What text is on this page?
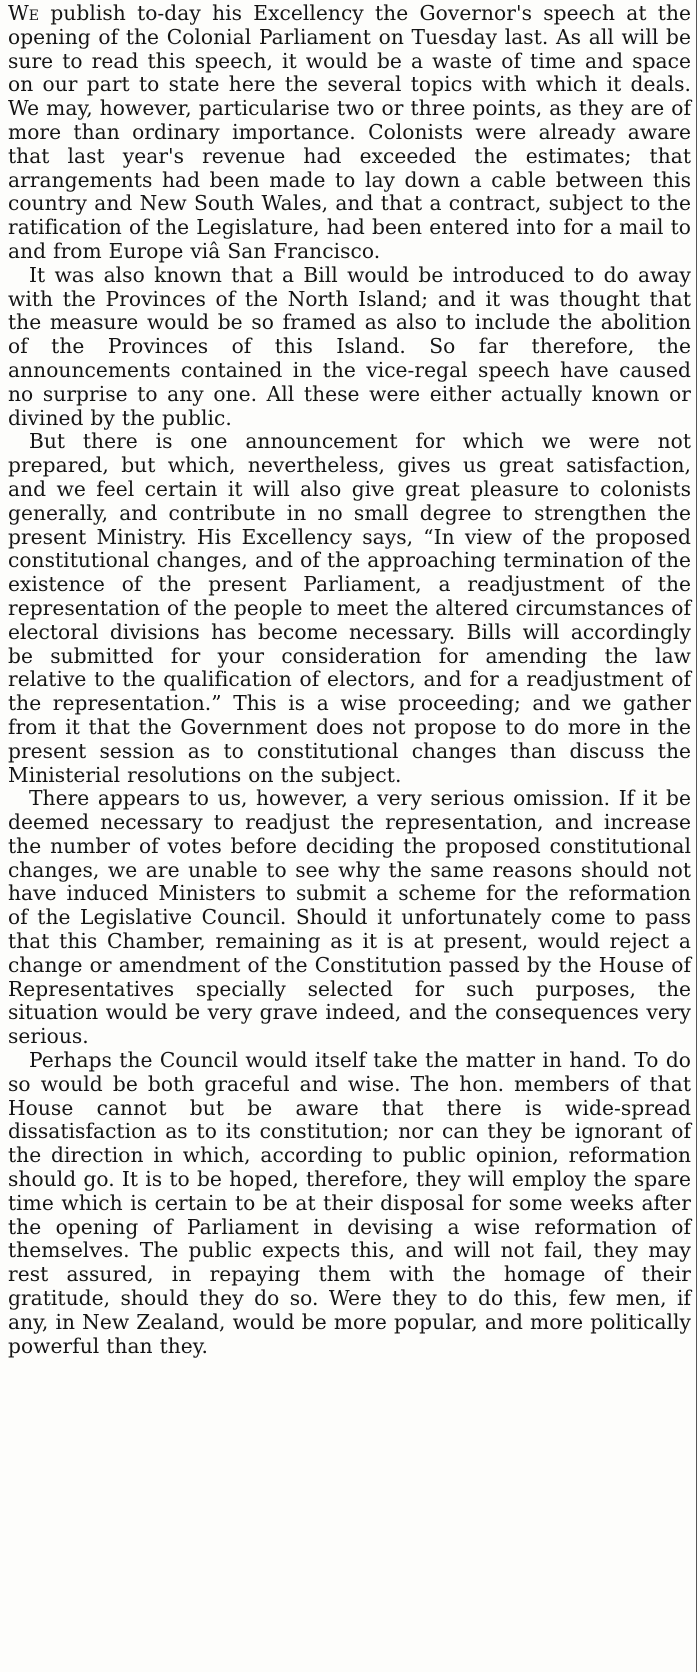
We publish to-day his Excellency the Governor's speech at the opening of the Colonial Parliament on Tuesday last. As all will be sure to read this speech, it would be a waste of time and space on our part to state here the several topics with which it deals. We may, however, particularise two or three points, as they are of more than ordinary importance. Colonists were already aware that last year's revenue had exceeded the estimates; that arrangements had been made to lay down a cable between this country and New South Wales, and that a contract, subject to the ratification of the Legislature, had been entered into for a mail to and from Europe viâ San Francisco.

It was also known that a Bill would be introduced to do away with the Provinces of the North Island; and it was thought that the measure would be so framed as also to include the abolition of the Provinces of this Island. So far therefore, the announcements contained in the vice-regal speech have caused no surprise to any one. All these were either actually known or divined by the public.

But there is one announcement for which we were not prepared, but which, nevertheless, gives us great satisfaction, and we feel certain it will also give great pleasure to colonists generally, and contribute in no small degree to strengthen the present Ministry. His Excellency says, “In view of the proposed constitutional changes, and of the approaching termination of the existence of the present Parliament, a readjustment of the representation of the people to meet the altered circumstances of electoral divisions has become necessary. Bills will accordingly be submitted for your consideration for amending the law relative to the qualification of electors, and for a readjustment of the representation.” This is a wise proceeding; and we gather from it that the Government does not propose to do more in the present session as to constitutional changes than discuss the Ministerial resolutions on the subject.

There appears to us, however, a very serious omission. If it be deemed necessary to readjust the representation, and increase the number of votes before deciding the proposed constitutional changes, we are unable to see why the same reasons should not have induced Ministers to submit a scheme for the reformation of the Legislative Council. Should it unfortunately come to pass that this Chamber, remaining as it is at present, would reject a change or amendment of the Constitution passed by the House of Representatives specially selected for such purposes, the situation would be very grave indeed, and the consequences very serious.

Perhaps the Council would itself take the matter in hand. To do so would be both graceful and wise. The hon. members of that House cannot but be aware that there is wide-spread dissatisfaction as to its constitution; nor can they be ignorant of the direction in which, according to public opinion, reformation should go. It is to be hoped, therefore, they will employ the spare time which is certain to be at their disposal for some weeks after the opening of Parliament in devising a wise reformation of themselves. The public expects this, and will not fail, they may rest assured, in repaying them with the homage of their gratitude, should they do so. Were they to do this, few men, if any, in New Zealand, would be more popular, and more politically powerful than they.
